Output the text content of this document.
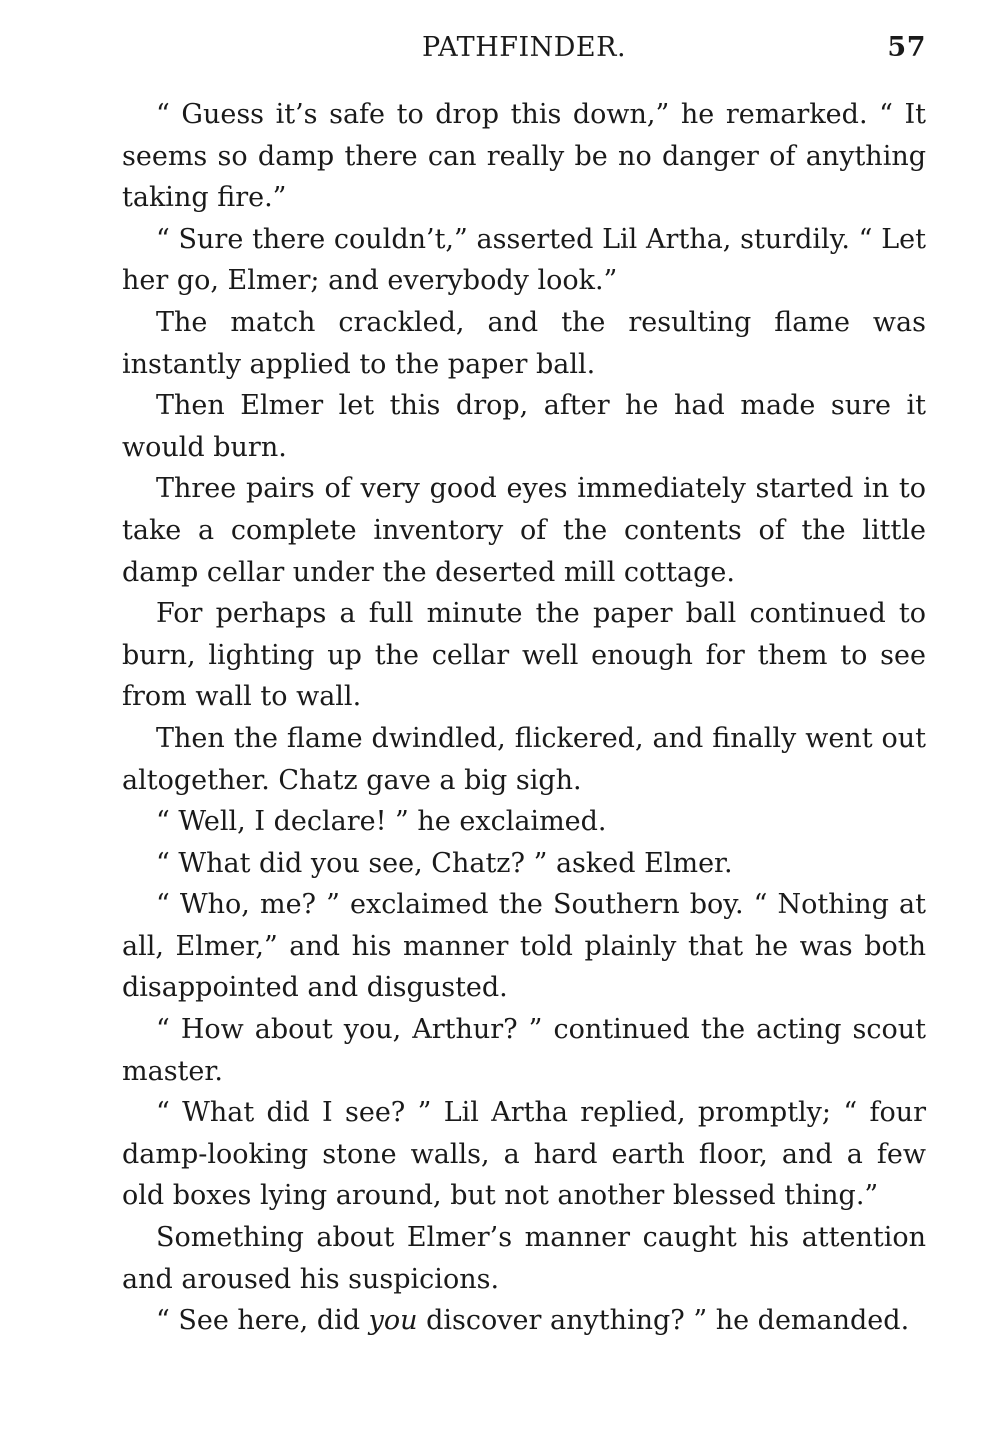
PATHFINDER.	57

“ Guess it’s safe to drop this down,” he remarked. “ It seems so damp there can really be no danger of anything taking fire.”

“ Sure there couldn’t,” asserted Lil Artha, sturdily. “ Let her go, Elmer; and everybody look.”

The match crackled, and the resulting flame was instantly applied to the paper ball.

Then Elmer let this drop, after he had made sure it would burn.

Three pairs of very good eyes immediately started in to take a complete inventory of the contents of the little damp cellar under the deserted mill cottage.

For perhaps a full minute the paper ball continued to burn, lighting up the cellar well enough for them to see from wall to wall.

Then the flame dwindled, flickered, and finally went out altogether. Chatz gave a big sigh.

“ Well, I declare! ” he exclaimed.

“ What did you see, Chatz? ” asked Elmer.

“ Who, me? ” exclaimed the Southern boy. “ Nothing at all, Elmer,” and his manner told plainly that he was both disappointed and disgusted.

“ How about you, Arthur? ” continued the acting scout master.

“ What did I see? ” Lil Artha replied, promptly; “ four damp-looking stone walls, a hard earth floor, and a few old boxes lying around, but not another blessed thing.”

Something about Elmer’s manner caught his attention and aroused his suspicions.

“ See here, did you discover anything? ” he demanded.
